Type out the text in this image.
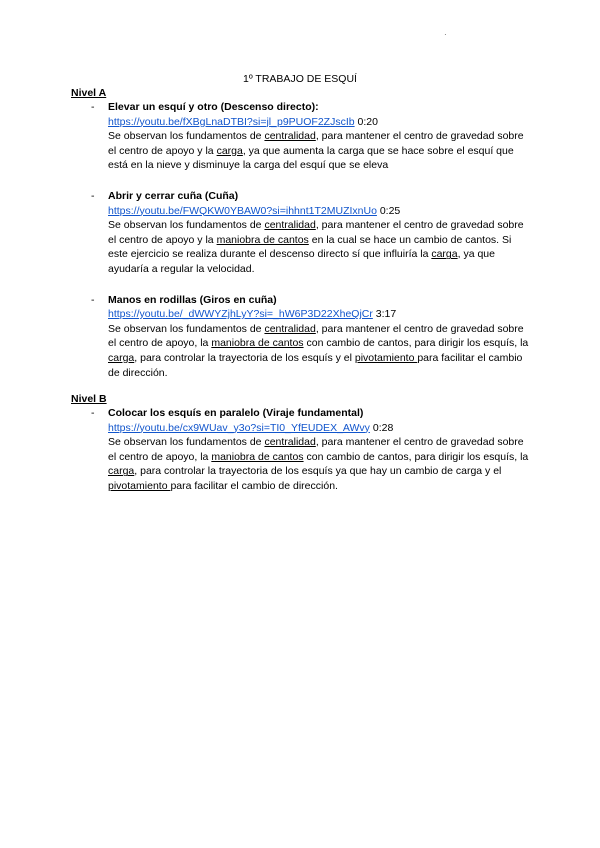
·
1º TRABAJO DE ESQUÍ

Nivel A

-	Elevar un esquí y otro (Descenso directo):

https://youtu.be/fXBgLnaDTBI?si=jl_p9PUOF2ZJscIb 0:20

Se observan los fundamentos de centralidad, para mantener el centro de gravedad sobre el centro de apoyo y la carga, ya que aumenta la carga que se hace sobre el esquí que está en la nieve y disminuye la carga del esquí que se eleva

-	Abrir y cerrar cuña (Cuña)

https://youtu.be/FWQKW0YBAW0?si=ihhnt1T2MUZIxnUo 0:25

Se observan los fundamentos de centralidad, para mantener el centro de gravedad sobre el centro de apoyo y la maniobra de cantos en la cual se hace un cambio de cantos. Si este ejercicio se realiza durante el descenso directo sí que influiría la carga, ya que ayudaría a regular la velocidad.

-	Manos en rodillas (Giros en cuña)

https://youtu.be/_dWWYZjhLyY?si=_hW6P3D22XheQjCr 3:17

Se observan los fundamentos de centralidad, para mantener el centro de gravedad sobre el centro de apoyo, la maniobra de cantos con cambio de cantos, para dirigir los esquís, la carga, para controlar la trayectoria de los esquís y el pivotamiento para facilitar el cambio de dirección.

Nivel B

-	Colocar los esquís en paralelo (Viraje fundamental)

https://youtu.be/cx9WUav_y3o?si=TI0_YfEUDEX_AWvy 0:28

Se observan los fundamentos de centralidad, para mantener el centro de gravedad sobre el centro de apoyo, la maniobra de cantos con cambio de cantos, para dirigir los esquís, la carga, para controlar la trayectoria de los esquís ya que hay un cambio de carga y el pivotamiento para facilitar el cambio de dirección.
